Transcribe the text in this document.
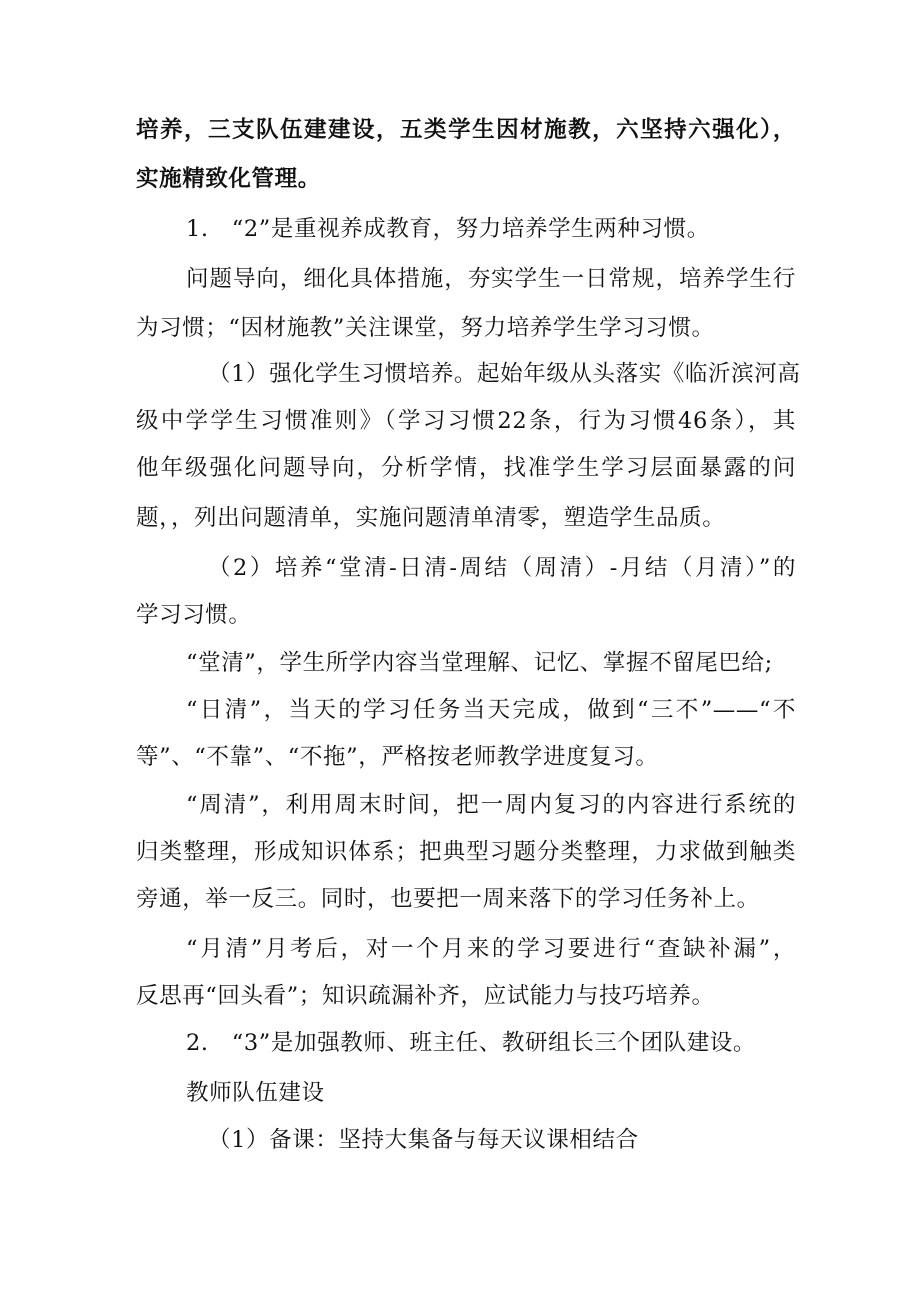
培养，三支队伍建建设，五类学生因材施教，六坚持六强化），
实施精致化管理。
1.　“2”是重视养成教育，努力培养学生两种习惯。
问题导向，细化具体措施，夯实学生一日常规，培养学生行
为习惯；“因材施教”关注课堂，努力培养学生学习习惯。
（1）强化学生习惯培养。起始年级从头落实《临沂滨河高
级中学学生习惯准则》（学习习惯22条，行为习惯46条），其
他年级强化问题导向，分析学情，找准学生学习层面暴露的问
题，，列出问题清单，实施问题清单清零，塑造学生品质。
（2）培养“堂清-日清-周结（周清）-月结（月清）”的
学习习惯。
“堂清”，学生所学内容当堂理解、记忆、掌握不留尾巴给;
“日清”，当天的学习任务当天完成，做到“三不”——“不
等”、“不靠”、“不拖”，严格按老师教学进度复习。
“周清”，利用周末时间，把一周内复习的内容进行系统的
归类整理，形成知识体系；把典型习题分类整理，力求做到触类
旁通，举一反三。同时，也要把一周来落下的学习任务补上。
“月清”月考后，对一个月来的学习要进行“查缺补漏”，
反思再“回头看”；知识疏漏补齐，应试能力与技巧培养。
2.　“3”是加强教师、班主任、教研组长三个团队建设。
教师队伍建设
（1）备课：坚持大集备与每天议课相结合
